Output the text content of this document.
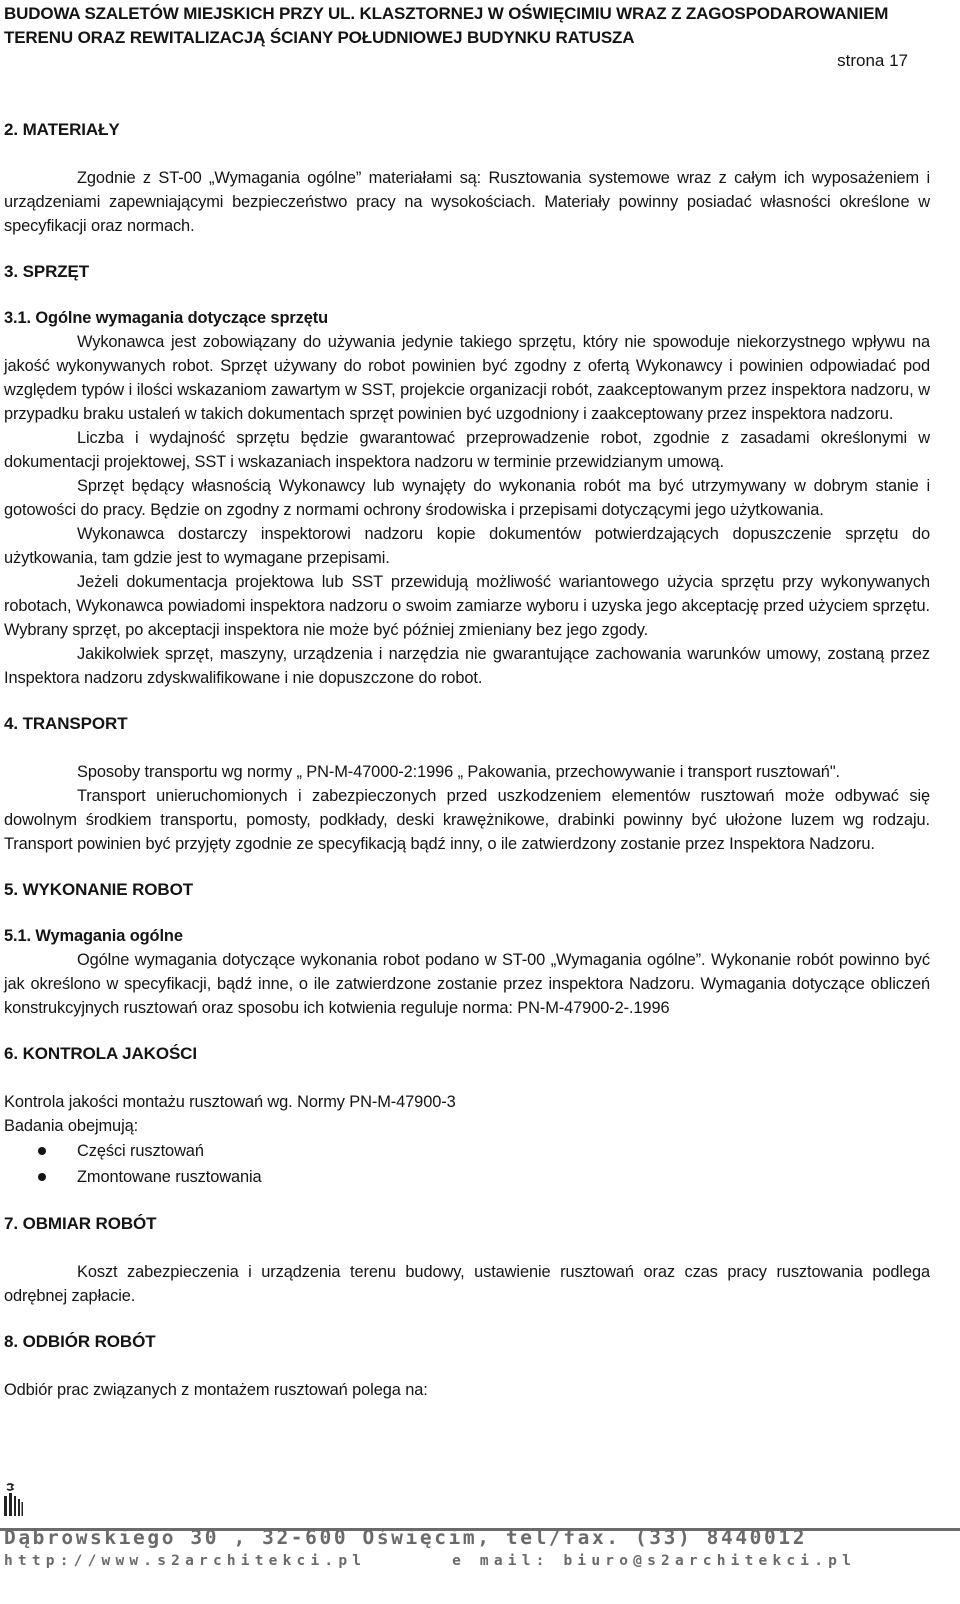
BUDOWA SZALETÓW MIEJSKICH PRZY UL. KLASZTORNEJ W OŚWIĘCIMIU WRAZ Z ZAGOSPODAROWANIEM
TERENU ORAZ REWITALIZACJĄ ŚCIANY POŁUDNIOWEJ BUDYNKU RATUSZA
strona 17
2. MATERIAŁY

Zgodnie z ST-00 „Wymagania ogólne” materiałami są: Rusztowania systemowe wraz z całym ich wyposażeniem i urządzeniami zapewniającymi bezpieczeństwo pracy na wysokościach. Materiały powinny posiadać własności określone w specyfikacji oraz normach.

3. SPRZĘT
3.1. Ogólne wymagania dotyczące sprzętu

Wykonawca jest zobowiązany do używania jedynie takiego sprzętu, który nie spowoduje niekorzystnego wpływu na jakość wykonywanych robot. Sprzęt używany do robot powinien być zgodny z ofertą Wykonawcy i powinien odpowiadać pod względem typów i ilości wskazaniom zawartym w SST, projekcie organizacji robót, zaakceptowanym przez inspektora nadzoru, w przypadku braku ustaleń w takich dokumentach sprzęt powinien być uzgodniony i zaakceptowany przez inspektora nadzoru.

Liczba i wydajność sprzętu będzie gwarantować przeprowadzenie robot, zgodnie z zasadami określonymi w dokumentacji projektowej, SST i wskazaniach inspektora nadzoru w terminie przewidzianym umową.

Sprzęt będący własnością Wykonawcy lub wynajęty do wykonania robót ma być utrzymywany w dobrym stanie i gotowości do pracy. Będzie on zgodny z normami ochrony środowiska i przepisami dotyczącymi jego użytkowania.

Wykonawca dostarczy inspektorowi nadzoru kopie dokumentów potwierdzających dopuszczenie sprzętu do użytkowania, tam gdzie jest to wymagane przepisami.

Jeżeli dokumentacja projektowa lub SST przewidują możliwość wariantowego użycia sprzętu przy wykonywanych robotach, Wykonawca powiadomi inspektora nadzoru o swoim zamiarze wyboru i uzyska jego akceptację przed użyciem sprzętu. Wybrany sprzęt, po akceptacji inspektora nie może być później zmieniany bez jego zgody.

Jakikolwiek sprzęt, maszyny, urządzenia i narzędzia nie gwarantujące zachowania warunków umowy, zostaną przez Inspektora nadzoru zdyskwalifikowane i nie dopuszczone do robot.

4. TRANSPORT

Sposoby transportu wg normy „ PN-M-47000-2:1996 „ Pakowania, przechowywanie i transport rusztowań".

Transport unieruchomionych i zabezpieczonych przed uszkodzeniem elementów rusztowań może odbywać się dowolnym środkiem transportu, pomosty, podkłady, deski krawężnikowe, drabinki powinny być ułożone luzem wg rodzaju. Transport powinien być przyjęty zgodnie ze specyfikacją bądź inny, o ile zatwierdzony zostanie przez Inspektora Nadzoru.

5. WYKONANIE ROBOT
5.1. Wymagania ogólne

Ogólne wymagania dotyczące wykonania robot podano w ST-00 „Wymagania ogólne”. Wykonanie robót powinno być jak określono w specyfikacji, bądź inne, o ile zatwierdzone zostanie przez inspektora Nadzoru. Wymagania dotyczące obliczeń konstrukcyjnych rusztowań oraz sposobu ich kotwienia reguluje norma: PN-M-47900-2-.1996

6. KONTROLA JAKOŚCI

Kontrola jakości montażu rusztowań wg. Normy PN-M-47900-3

Badania obejmują:

Części rusztowań
Zmontowane rusztowania
7. OBMIAR ROBÓT

Koszt zabezpieczenia i urządzenia terenu budowy, ustawienie rusztowań oraz czas pracy rusztowania podlega odrębnej zapłacie.

8. ODBIÓR ROBÓT

Odbiór prac związanych z montażem rusztowań polega na:

Dąbrowskiego 30 , 32-600 Oświęcim, tel/fax. (33) 8440012
http://www.s2architekci.pl	e mail: biuro@s2architekci.pl
